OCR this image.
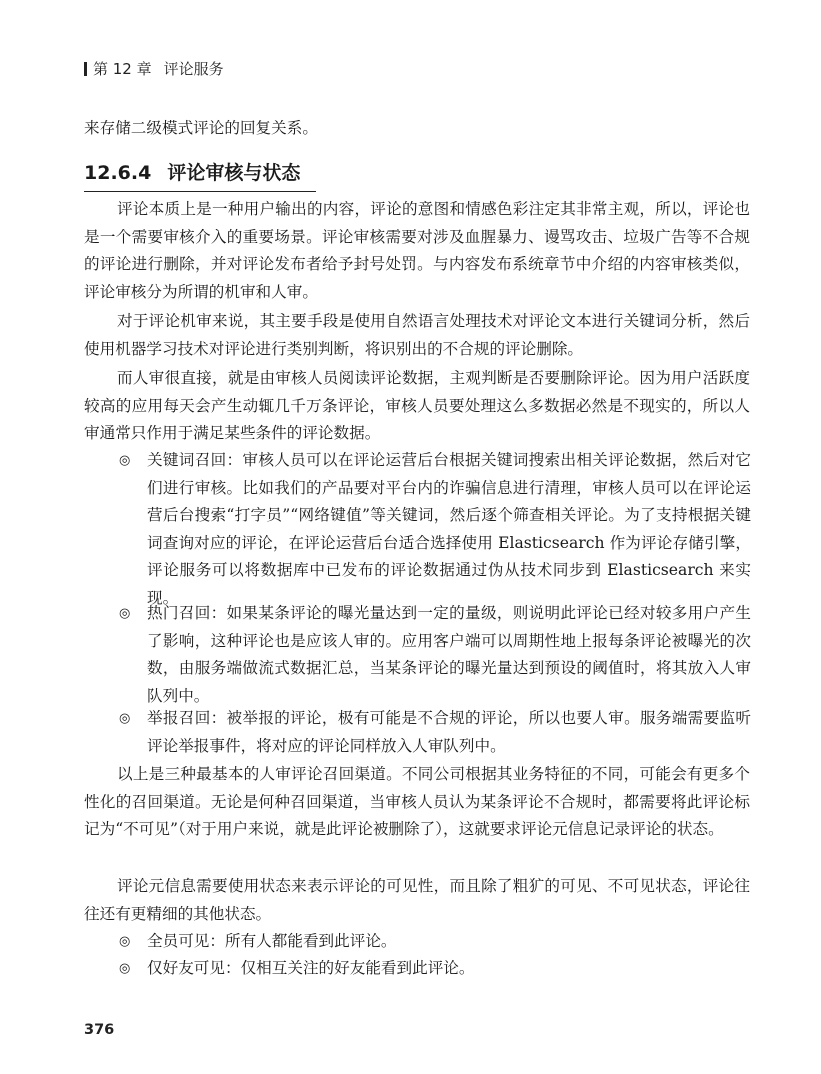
第 12 章 评论服务
来存储二级模式评论的回复关系。
12.6.4 评论审核与状态

评论本质上是一种用户输出的内容，评论的意图和情感色彩注定其非常主观，所以，评论也是一个需要审核介入的重要场景。评论审核需要对涉及血腥暴力、谩骂攻击、垃圾广告等不合规的评论进行删除，并对评论发布者给予封号处罚。与内容发布系统章节中介绍的内容审核类似，评论审核分为所谓的机审和人审。

对于评论机审来说，其主要手段是使用自然语言处理技术对评论文本进行关键词分析，然后使用机器学习技术对评论进行类别判断，将识别出的不合规的评论删除。

而人审很直接，就是由审核人员阅读评论数据，主观判断是否要删除评论。因为用户活跃度较高的应用每天会产生动辄几千万条评论，审核人员要处理这么多数据必然是不现实的，所以人审通常只作用于满足某些条件的评论数据。

◎ 关键词召回：审核人员可以在评论运营后台根据关键词搜索出相关评论数据，然后对它们进行审核。比如我们的产品要对平台内的诈骗信息进行清理，审核人员可以在评论运营后台搜索“打字员”“网络键值”等关键词，然后逐个筛查相关评论。为了支持根据关键词查询对应的评论，在评论运营后台适合选择使用 Elasticsearch 作为评论存储引擎，评论服务可以将数据库中已发布的评论数据通过伪从技术同步到 Elasticsearch 来实现。
◎ 热门召回：如果某条评论的曝光量达到一定的量级，则说明此评论已经对较多用户产生了影响，这种评论也是应该人审的。应用客户端可以周期性地上报每条评论被曝光的次数，由服务端做流式数据汇总，当某条评论的曝光量达到预设的阈值时，将其放入人审队列中。
◎ 举报召回：被举报的评论，极有可能是不合规的评论，所以也要人审。服务端需要监听评论举报事件，将对应的评论同样放入人审队列中。

以上是三种最基本的人审评论召回渠道。不同公司根据其业务特征的不同，可能会有更多个性化的召回渠道。无论是何种召回渠道，当审核人员认为某条评论不合规时，都需要将此评论标记为“不可见”（对于用户来说，就是此评论被删除了），这就要求评论元信息记录评论的状态。

评论元信息需要使用状态来表示评论的可见性，而且除了粗犷的可见、不可见状态，评论往往还有更精细的其他状态。

◎ 全员可见：所有人都能看到此评论。
◎ 仅好友可见：仅相互关注的好友能看到此评论。
376
